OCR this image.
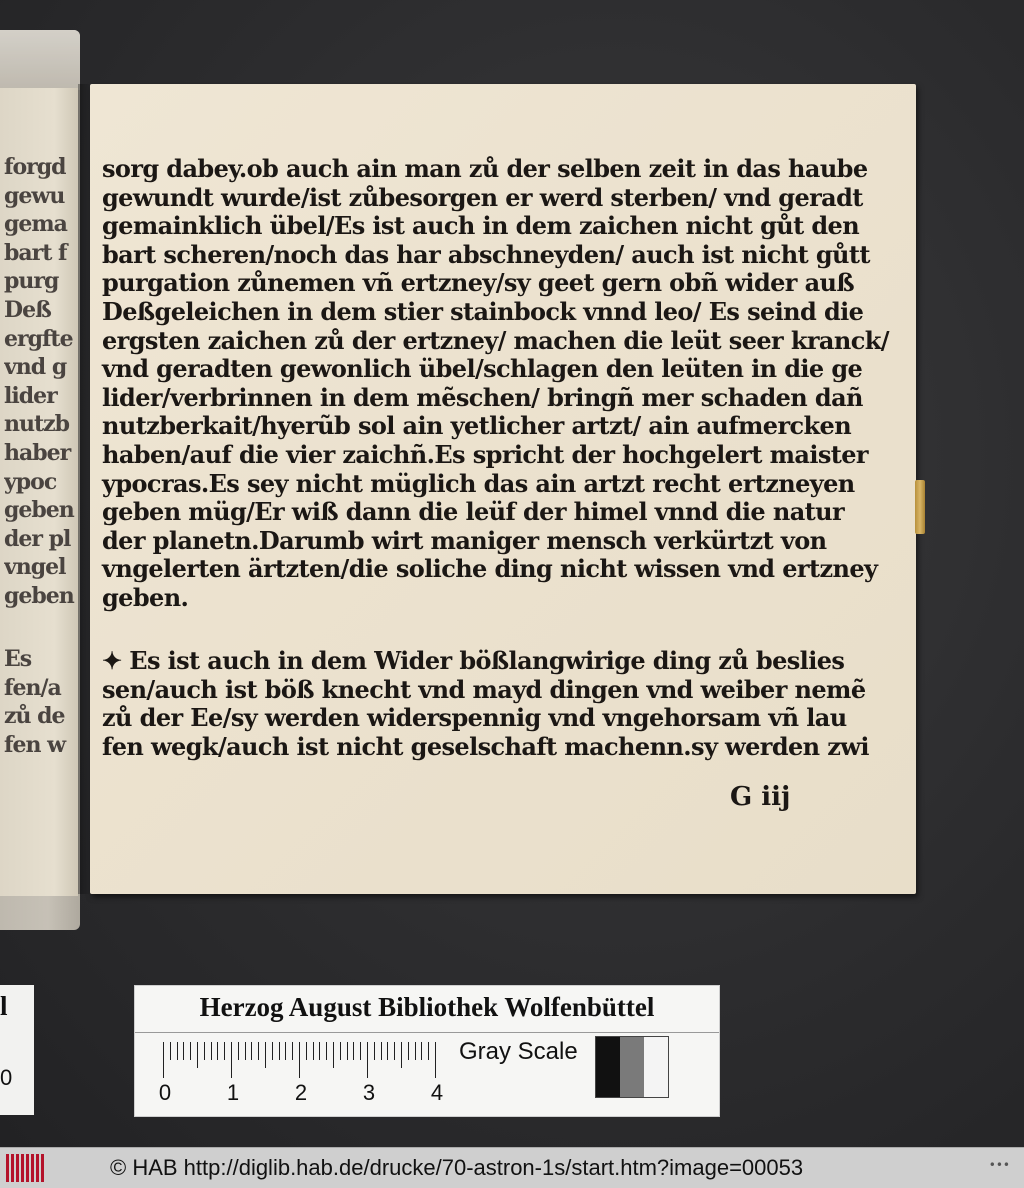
forgd
gewu
gema
bart f
purg
Deß
ergfte
vnd g
lider
nutzb
haber
ypoc
geben
der pl
vngel
geben
Es
fen/a
zů de
fen w
sorg dabey.ob auch ain man zů der selben zeit in das haube
gewundt wurde/ist zůbesorgen er werd sterben/ vnd geradt
gemainklich übel/Es ist auch in dem zaichen nicht gůt den
bart scheren/noch das har abschneyden/ auch ist nicht gůtt
purgation zůnemen vñ ertzney/sy geet gern obñ wider auß
Deßgeleichen in dem stier stainbock vnnd leo/ Es seind die
ergsten zaichen zů der ertzney/ machen die leüt seer kranck/
vnd geradten gewonlich übel/schlagen den leüten in die ge
lider/verbrinnen in dem mẽschen/ bringñ mer schaden dañ
nutzberkait/hyerũb sol ain yetlicher artzt/ ain aufmercken
haben/auf die vier zaichñ.Es spricht der hochgelert maister
ypocras.Es sey nicht müglich das ain artzt recht ertzneyen
geben müg/Er wiß dann die leüf der himel vnnd die natur
der planetn.Darumb wirt maniger mensch verkürtzt von
vngelerten ärtzten/die soliche ding nicht wissen vnd ertzney
geben.
✦ Es ist auch in dem Wider bößlangwirige ding zů beslies
sen/auch ist böß knecht vnd mayd dingen vnd weiber nemẽ
zů der Ee/sy werden widerspennig vnd vngehorsam vñ lau
fen wegk/auch ist nicht geselschaft machenn.sy werden zwi
G iij
l
0
Herzog August Bibliothek Wolfenbüttel
0	1	2	3	4
Gray Scale
© HAB http://diglib.hab.de/drucke/70-astron-1s/start.htm?image=00053	•••
